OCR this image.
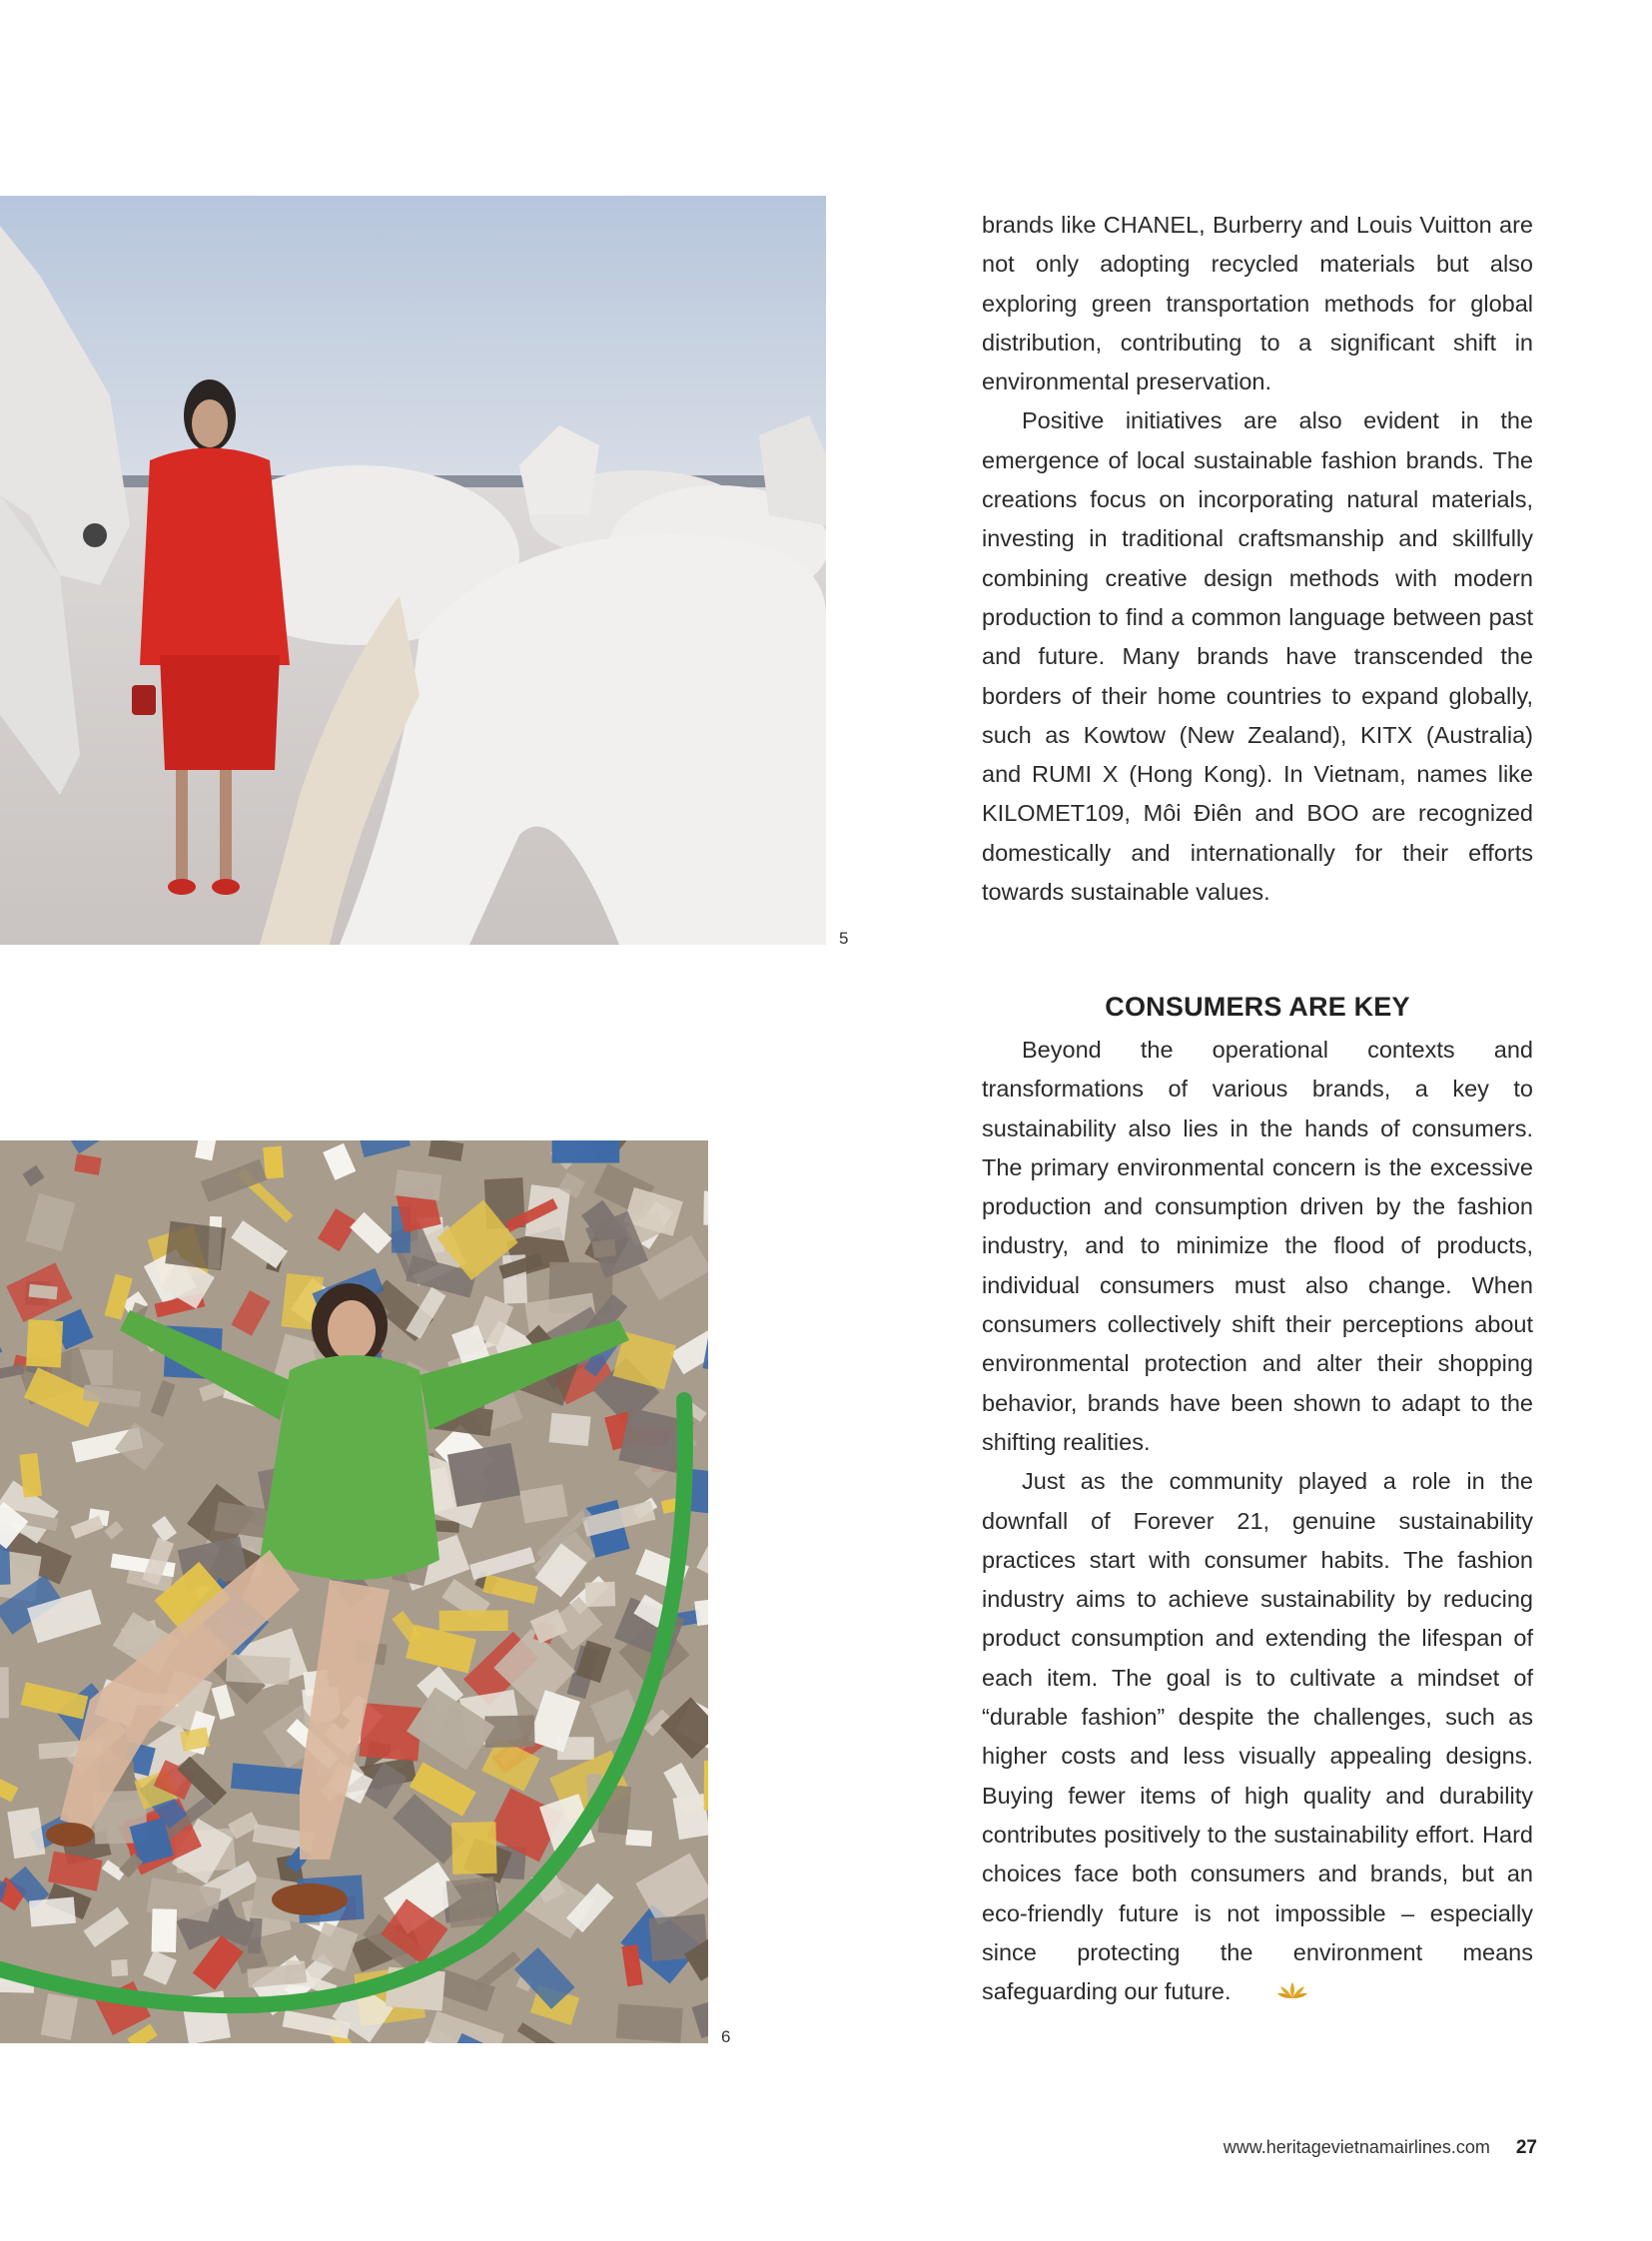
5
6

brands like CHANEL, Burberry and Louis Vuitton are not only adopting recycled materials but also exploring green transportation methods for global distribution, contributing to a significant shift in environmental preservation.

Positive initiatives are also evident in the emergence of local sustainable fashion brands. The creations focus on incorporating natural materials, investing in traditional craftsmanship and skillfully combining creative design methods with modern production to find a common language between past and future. Many brands have transcended the borders of their home countries to expand globally, such as Kowtow (New Zealand), KITX (Australia) and RUMI X (Hong Kong). In Vietnam, names like KILOMET109, Môi Điên and BOO are recognized domestically and internationally for their efforts towards sustainable values.

CONSUMERS ARE KEY

Beyond the operational contexts and transformations of various brands, a key to sustainability also lies in the hands of consumers. The primary environmental concern is the excessive production and consumption driven by the fashion industry, and to minimize the flood of products, individual consumers must also change. When consumers collectively shift their perceptions about environmental protection and alter their shopping behavior, brands have been shown to adapt to the shifting realities.

Just as the community played a role in the downfall of Forever 21, genuine sustainability practices start with consumer habits. The fashion industry aims to achieve sustainability by reducing product consumption and extending the lifespan of each item. The goal is to cultivate a mindset of “durable fashion” despite the challenges, such as higher costs and less visually appealing designs. Buying fewer items of high quality and durability contributes positively to the sustainability effort. Hard choices face both consumers and brands, but an eco-friendly future is not impossible – especially since protecting the environment means safeguarding our future.

www.heritagevietnamairlines.com 27
